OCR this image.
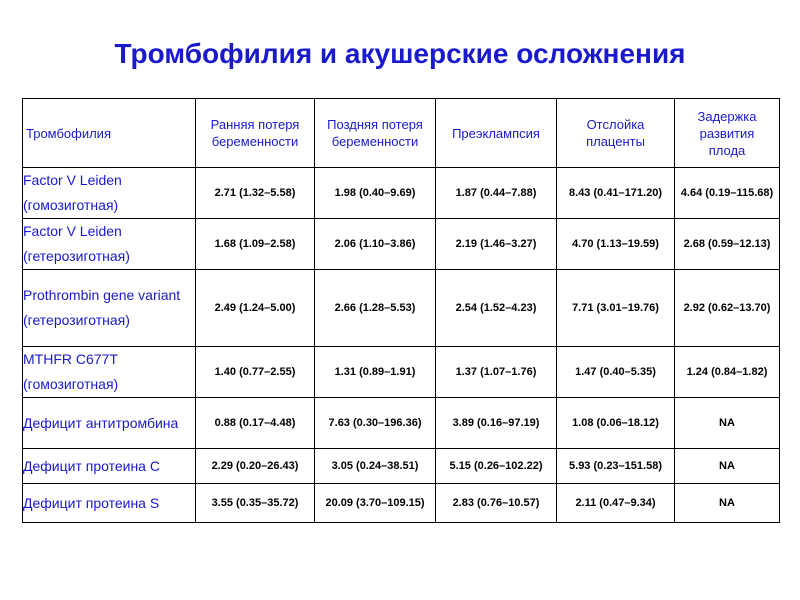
Тромбофилия и акушерские осложнения
Тромбофилия	Ранняя потеря беременности	Поздняя потеря беременности	Преэклампсия	Отслойка плаценты	Задержка развития плода
Factor V Leiden (гомозиготная)	2.71 (1.32–5.58)	1.98 (0.40–9.69)	1.87 (0.44–7.88)	8.43 (0.41–171.20)	4.64 (0.19–115.68)
Factor V Leiden (гетерозиготная)	1.68 (1.09–2.58)	2.06 (1.10–3.86)	2.19 (1.46–3.27)	4.70 (1.13–19.59)	2.68 (0.59–12.13)
Prothrombin gene variant (гетерозиготная)	2.49 (1.24–5.00)	2.66 (1.28–5.53)	2.54 (1.52–4.23)	7.71 (3.01–19.76)	2.92 (0.62–13.70)
MTHFR C677T (гомозиготная)	1.40 (0.77–2.55)	1.31 (0.89–1.91)	1.37 (1.07–1.76)	1.47 (0.40–5.35)	1.24 (0.84–1.82)
Дефицит антитромбина	0.88 (0.17–4.48)	7.63 (0.30–196.36)	3.89 (0.16–97.19)	1.08 (0.06–18.12)	NA
Дефицит протеина C	2.29 (0.20–26.43)	3.05 (0.24–38.51)	5.15 (0.26–102.22)	5.93 (0.23–151.58)	NA
Дефицит протеина S	3.55 (0.35–35.72)	20.09 (3.70–109.15)	2.83 (0.76–10.57)	2.11 (0.47–9.34)	NA
